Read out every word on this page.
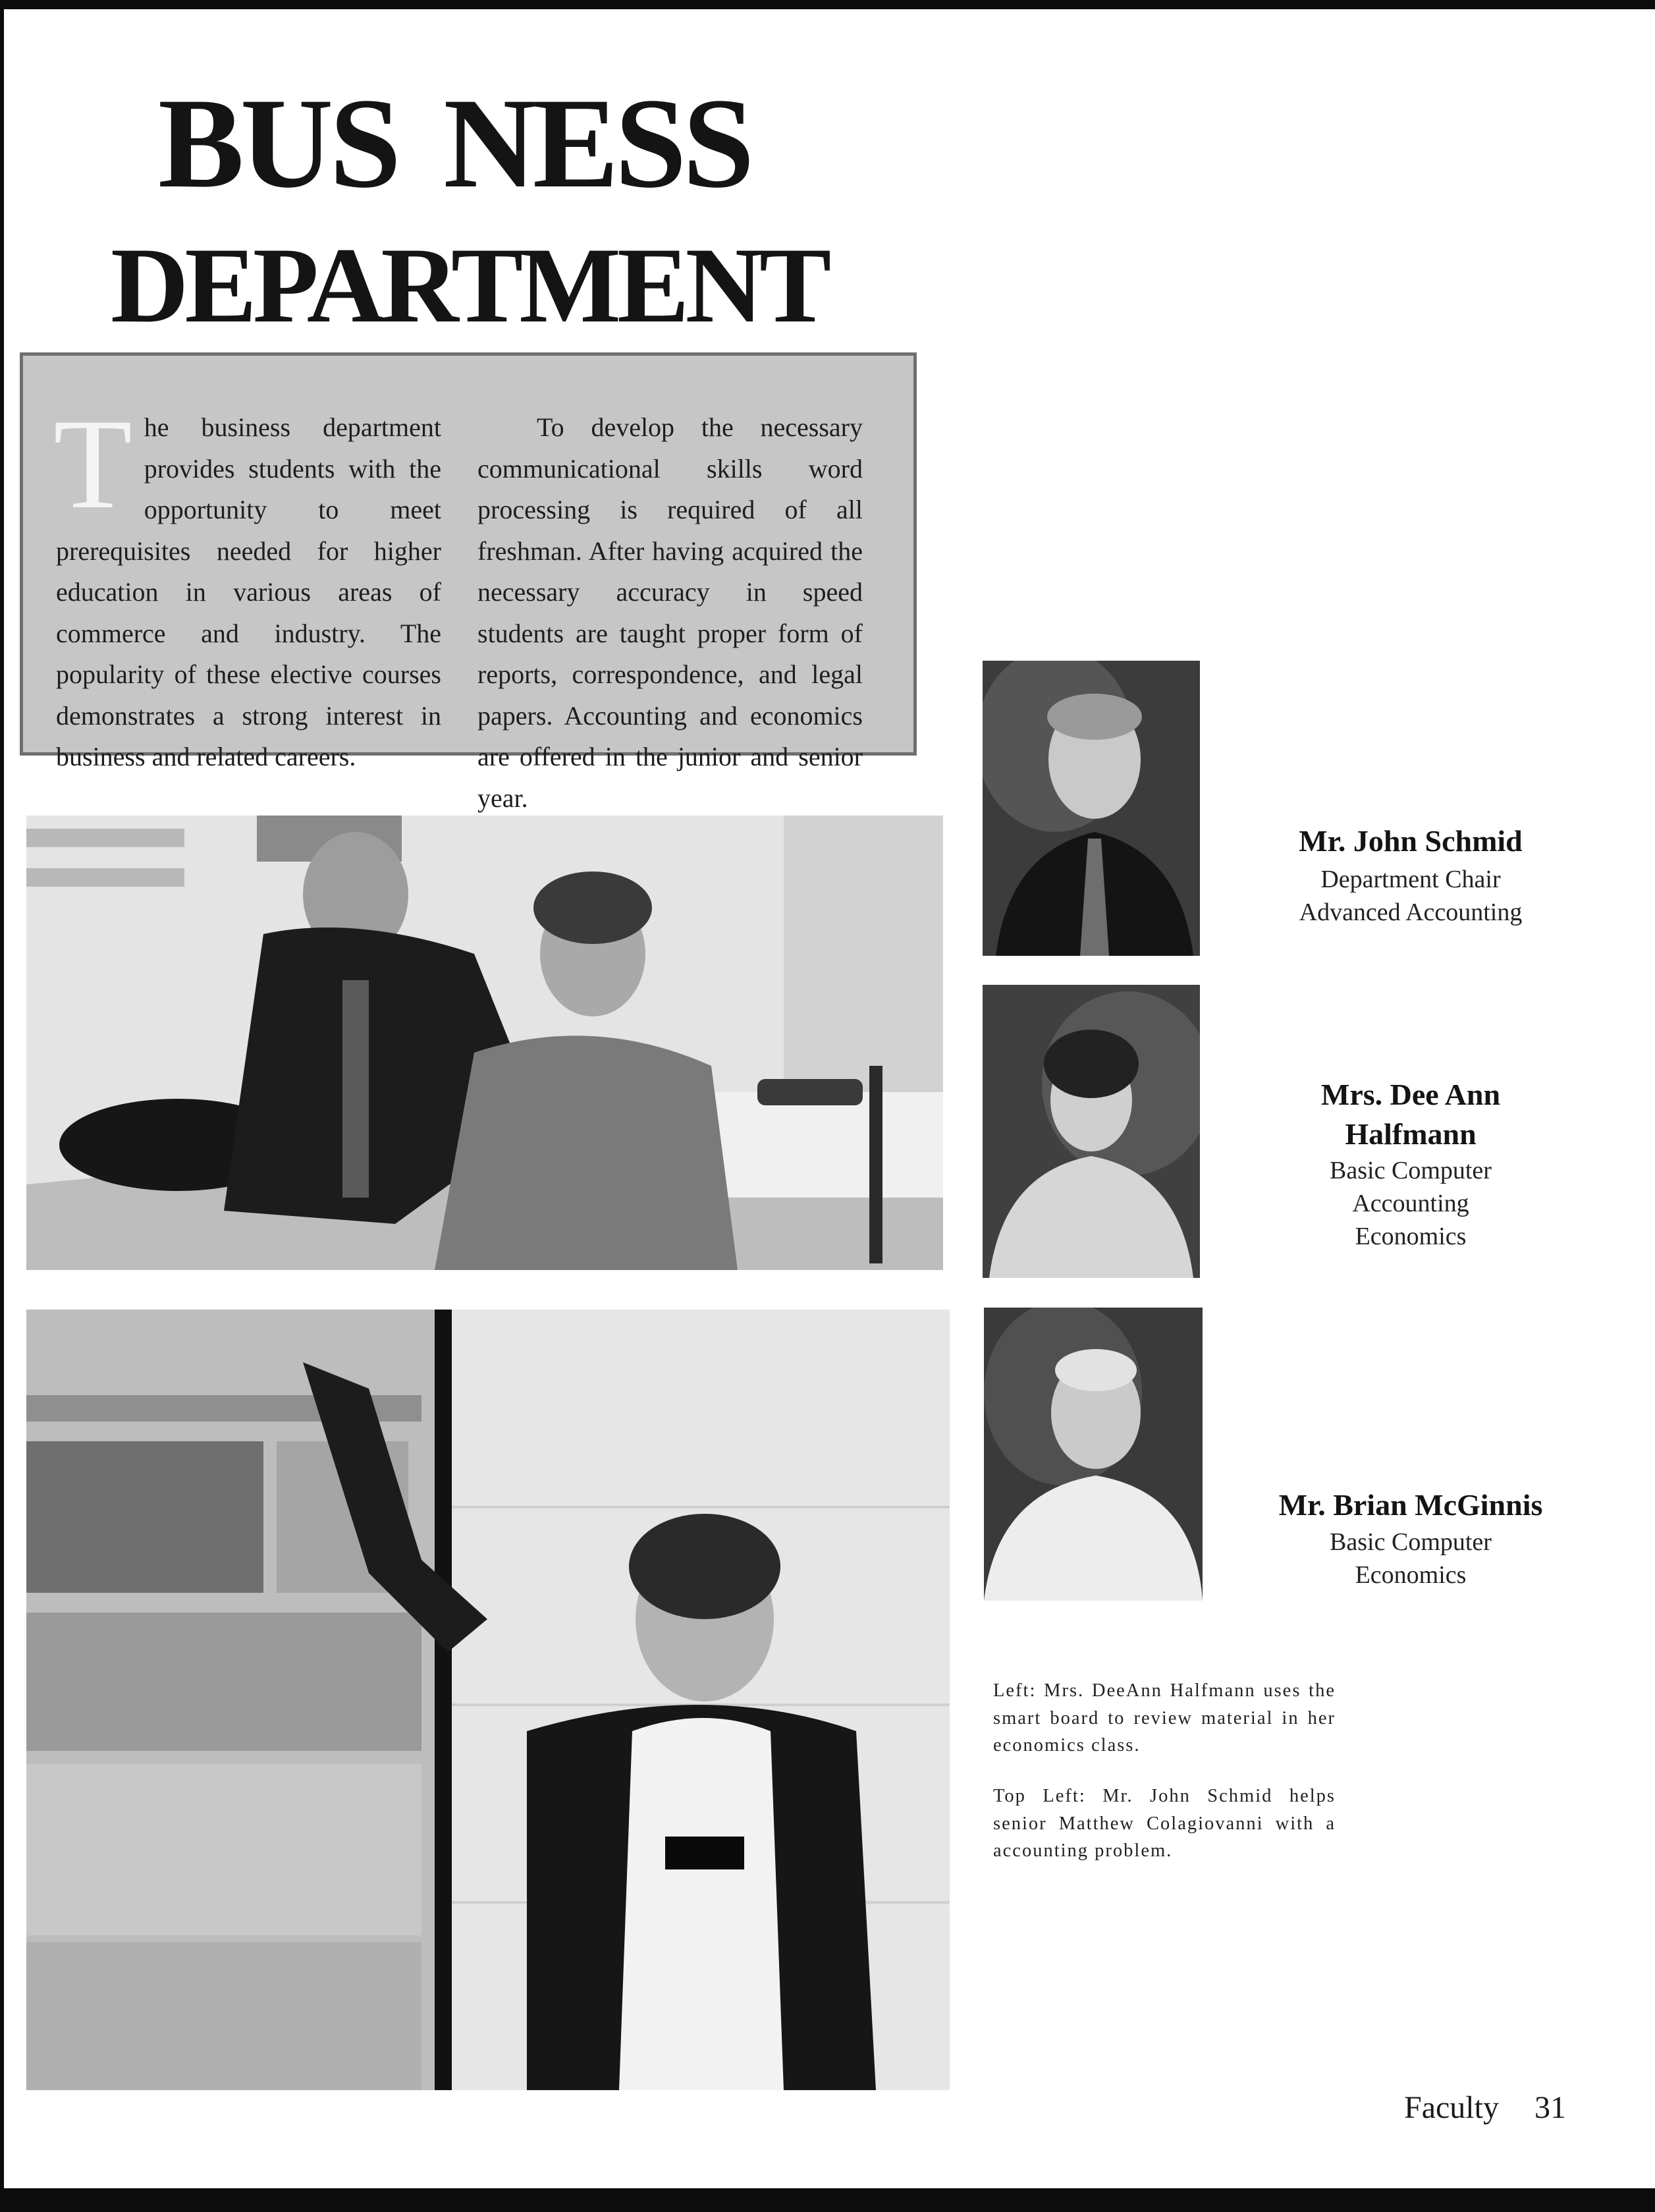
BUS NESS
DEPARTMENT
The business department provides students with the opportunity to meet prerequisites needed for higher education in various areas of commerce and industry. The popularity of these elective courses demonstrates a strong interest in business and related careers.
To develop the necessary communicational skills word processing is required of all freshman. After having acquired the necessary accuracy in speed students are taught proper form of reports, correspondence, and legal papers. Accounting and economics are offered in the junior and senior year.
Mr. John Schmid
Department Chair
Advanced Accounting
Mrs. Dee Ann
Halfmann
Basic Computer
Accounting
Economics
Mr. Brian McGinnis
Basic Computer
Economics
Left: Mrs. DeeAnn Halfmann uses the smart board to review material in her economics class.
Top Left: Mr. John Schmid helps senior Matthew Colagiovanni with a accounting problem.
Faculty 31
